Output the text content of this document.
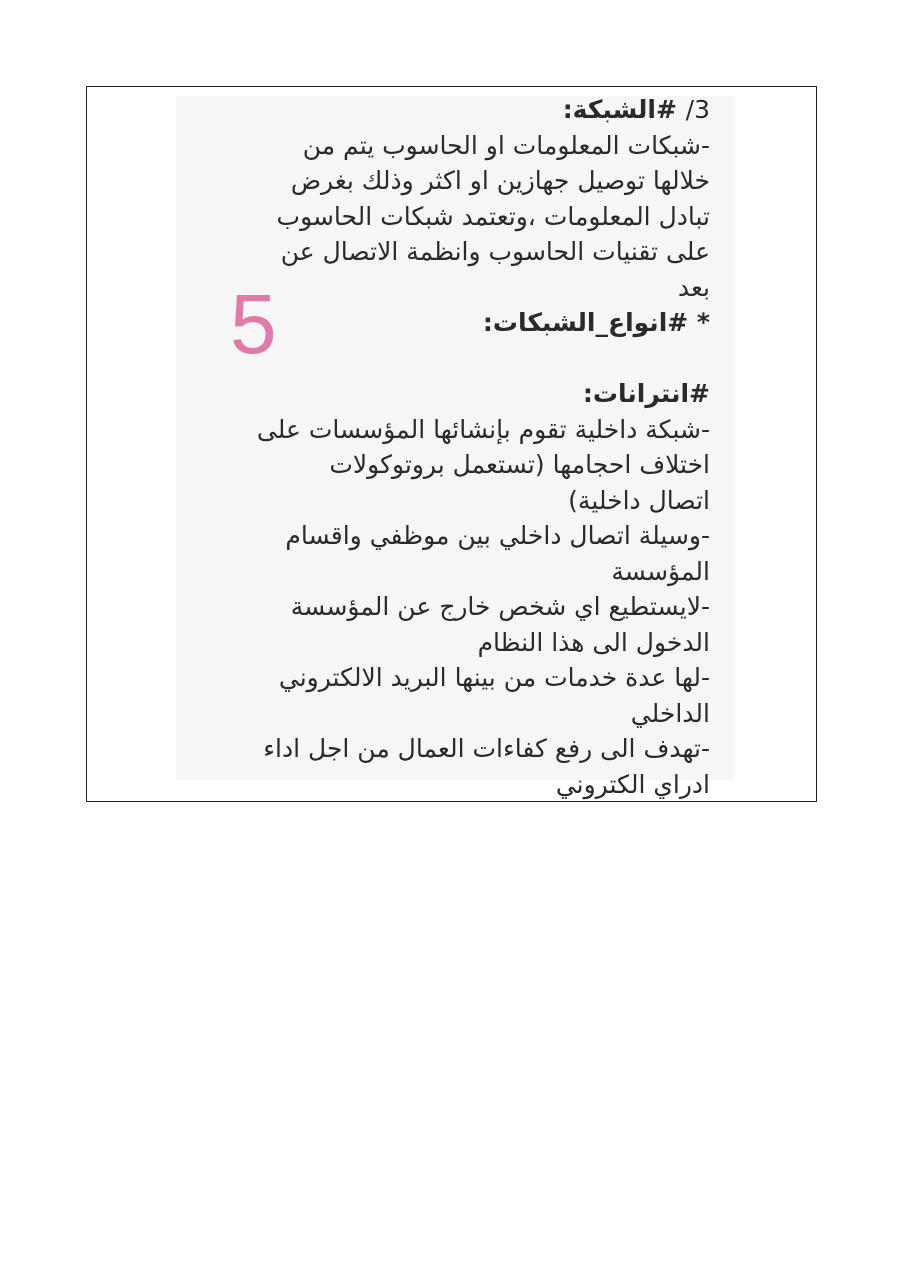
5
/3 #الشبكة:
-شبكات المعلومات او الحاسوب يتم من
خلالها توصيل جهازين او اكثر وذلك بغرض
تبادل المعلومات ،وتعتمد شبكات الحاسوب
على تقنيات الحاسوب وانظمة الاتصال عن
بعد
* #انواع_الشبكات:
#انترانات:
-شبكة داخلية تقوم بإنشائها المؤسسات على
اختلاف احجامها (تستعمل بروتوكولات
اتصال داخلية)
-وسيلة اتصال داخلي بين موظفي واقسام
المؤسسة
-لايستطيع اي شخص خارج عن المؤسسة
الدخول الى هذا النظام
-لها عدة خدمات من بينها البريد الالكتروني
الداخلي
-تهدف الى رفع كفاءات العمال من اجل اداء
ادراي الكتروني
